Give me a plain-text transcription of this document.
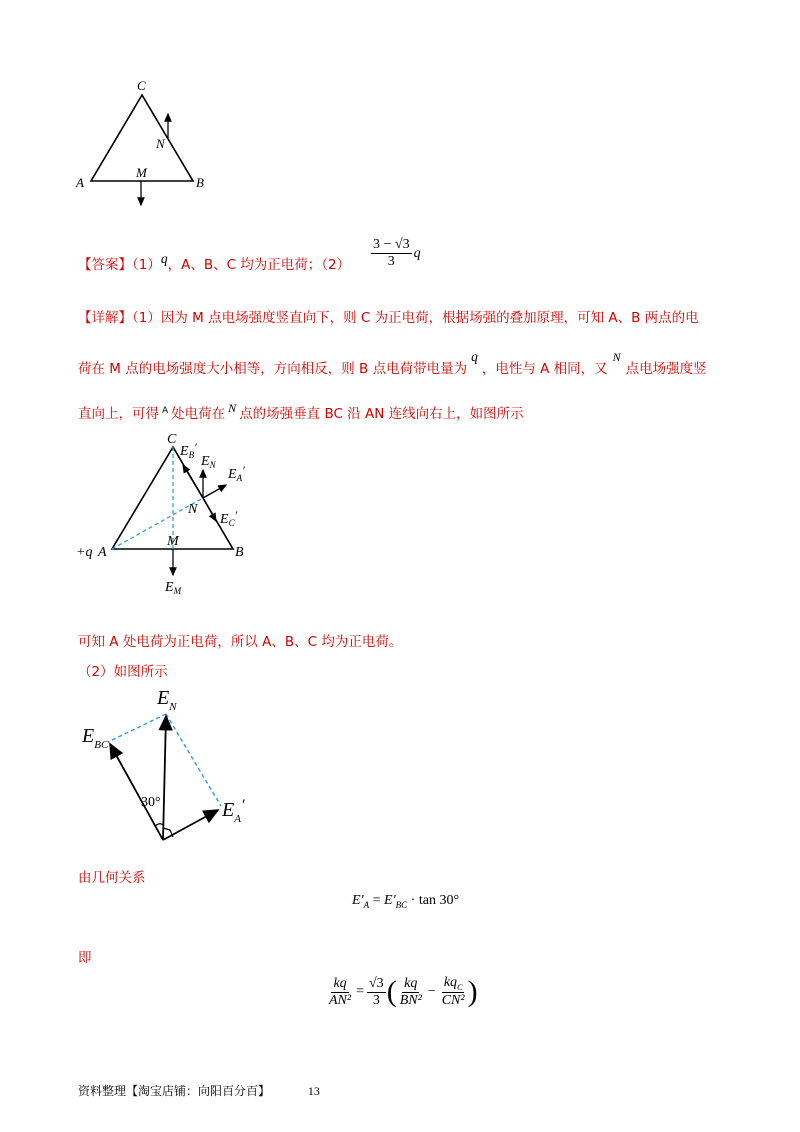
C
A	B
M
N
【答案】（1）q，A、B、C 均为正电荷；$(2) \frac{3 - √3}{3}$ q
【详解】（1）因为 M 点电场强度竖直向下，则 C 为正电荷，根据场强的叠加原理，可知 A、B 两点的电
荷在 M 点的电场强度大小相等，方向相反，则 B 点电荷带电量为q，电性与 A 相同，又N点电场强度竖
直向上，可得 $^A$ 处电荷在 N 点的场强垂直 BC 沿 AN 连线向右上，如图所示
C
+q A	B
M
N
$E_B'$
$E_N$
$E_A'$
$E_C'$
$E_M$
可知 A 处电荷为正电荷，所以 A、B、C 均为正电荷。
（2）如图所示
$E_N$
$E_{BC}$
$E_A'$
30°
由几何关系
$E'_A = E'_{BC} \cdot \tan 30^\circ$
即
$\frac{kq}{\text{AN²}} = \frac{√3}{3}$ ( $\frac{kq}{\text{BN²}} - \frac{kq_C}{\text{CN²}}$ )
资料整理【淘宝店铺：向阳百分百】	13
